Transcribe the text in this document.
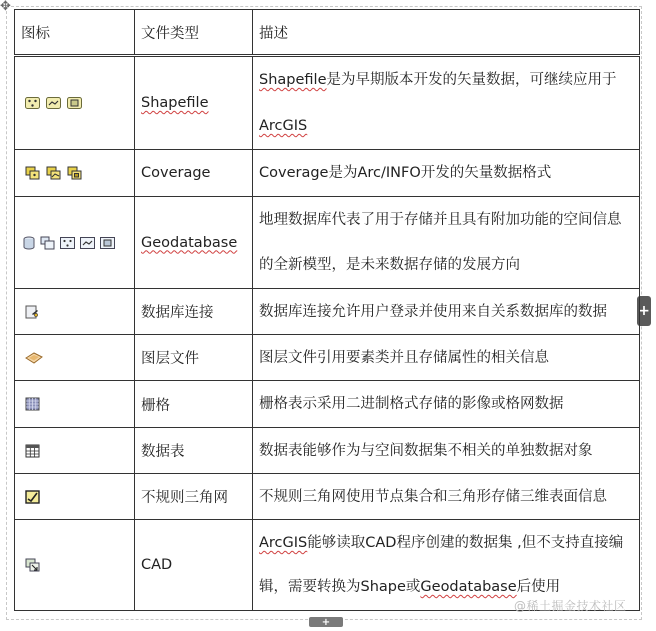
✥
+
+
图标	文件类型	描述

	Shapefile	Shapefile是为早期版本开发的矢量数据，可继续应用于ArcGIS

	Coverage	Coverage是为Arc/INFO开发的矢量数据格式

	Geodatabase	地理数据库代表了用于存储并且具有附加功能的空间信息的全新模型，是未来数据存储的发展方向

	数据库连接	数据库连接允许用户登录并使用来自关系数据库的数据

	图层文件	图层文件引用要素类并且存储属性的相关信息

	栅格	栅格表示采用二进制格式存储的影像或格网数据

	数据表	数据表能够作为与空间数据集不相关的单独数据对象

	不规则三角网	不规则三角网使用节点集合和三角形存储三维表面信息

	CAD	ArcGIS能够读取CAD程序创建的数据集 ,但不支持直接编辑，需要转换为Shape或Geodatabase后使用
@稀土掘金技术社区
